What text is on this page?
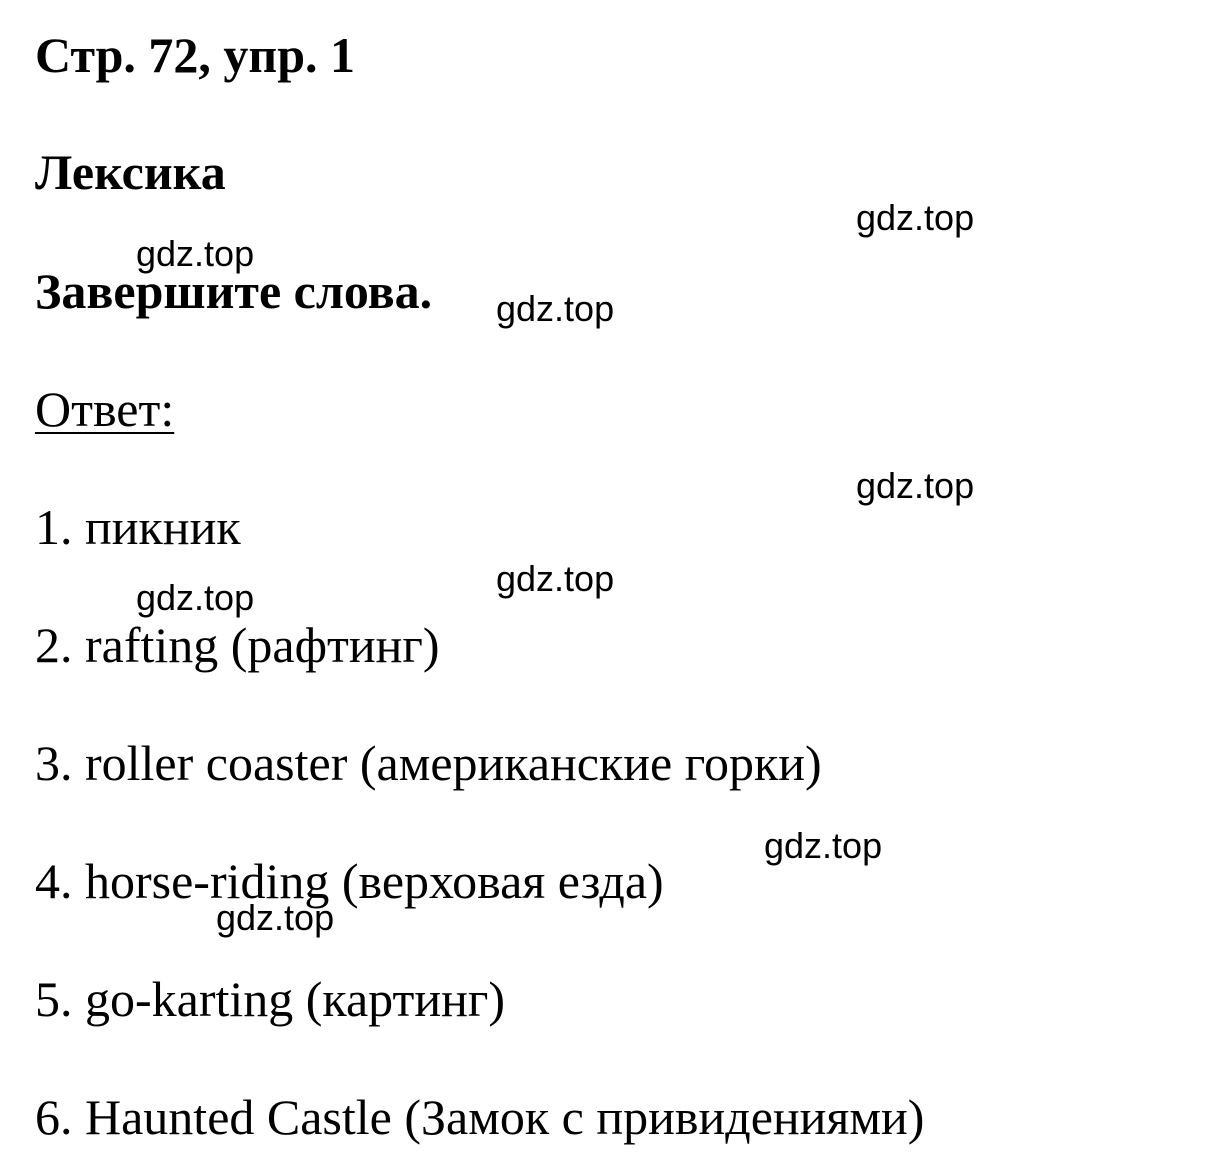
Стр. 72, упр. 1
Лексика
Завершите слова.
Ответ:
1. пикник
2. rafting (рафтинг)
3. roller coaster (американские горки)
4. horse-riding (верховая езда)
5. go-karting (картинг)
6. Haunted Castle (Замок с привидениями)
gdz.top
gdz.top
gdz.top
gdz.top
gdz.top
gdz.top
gdz.top
gdz.top
